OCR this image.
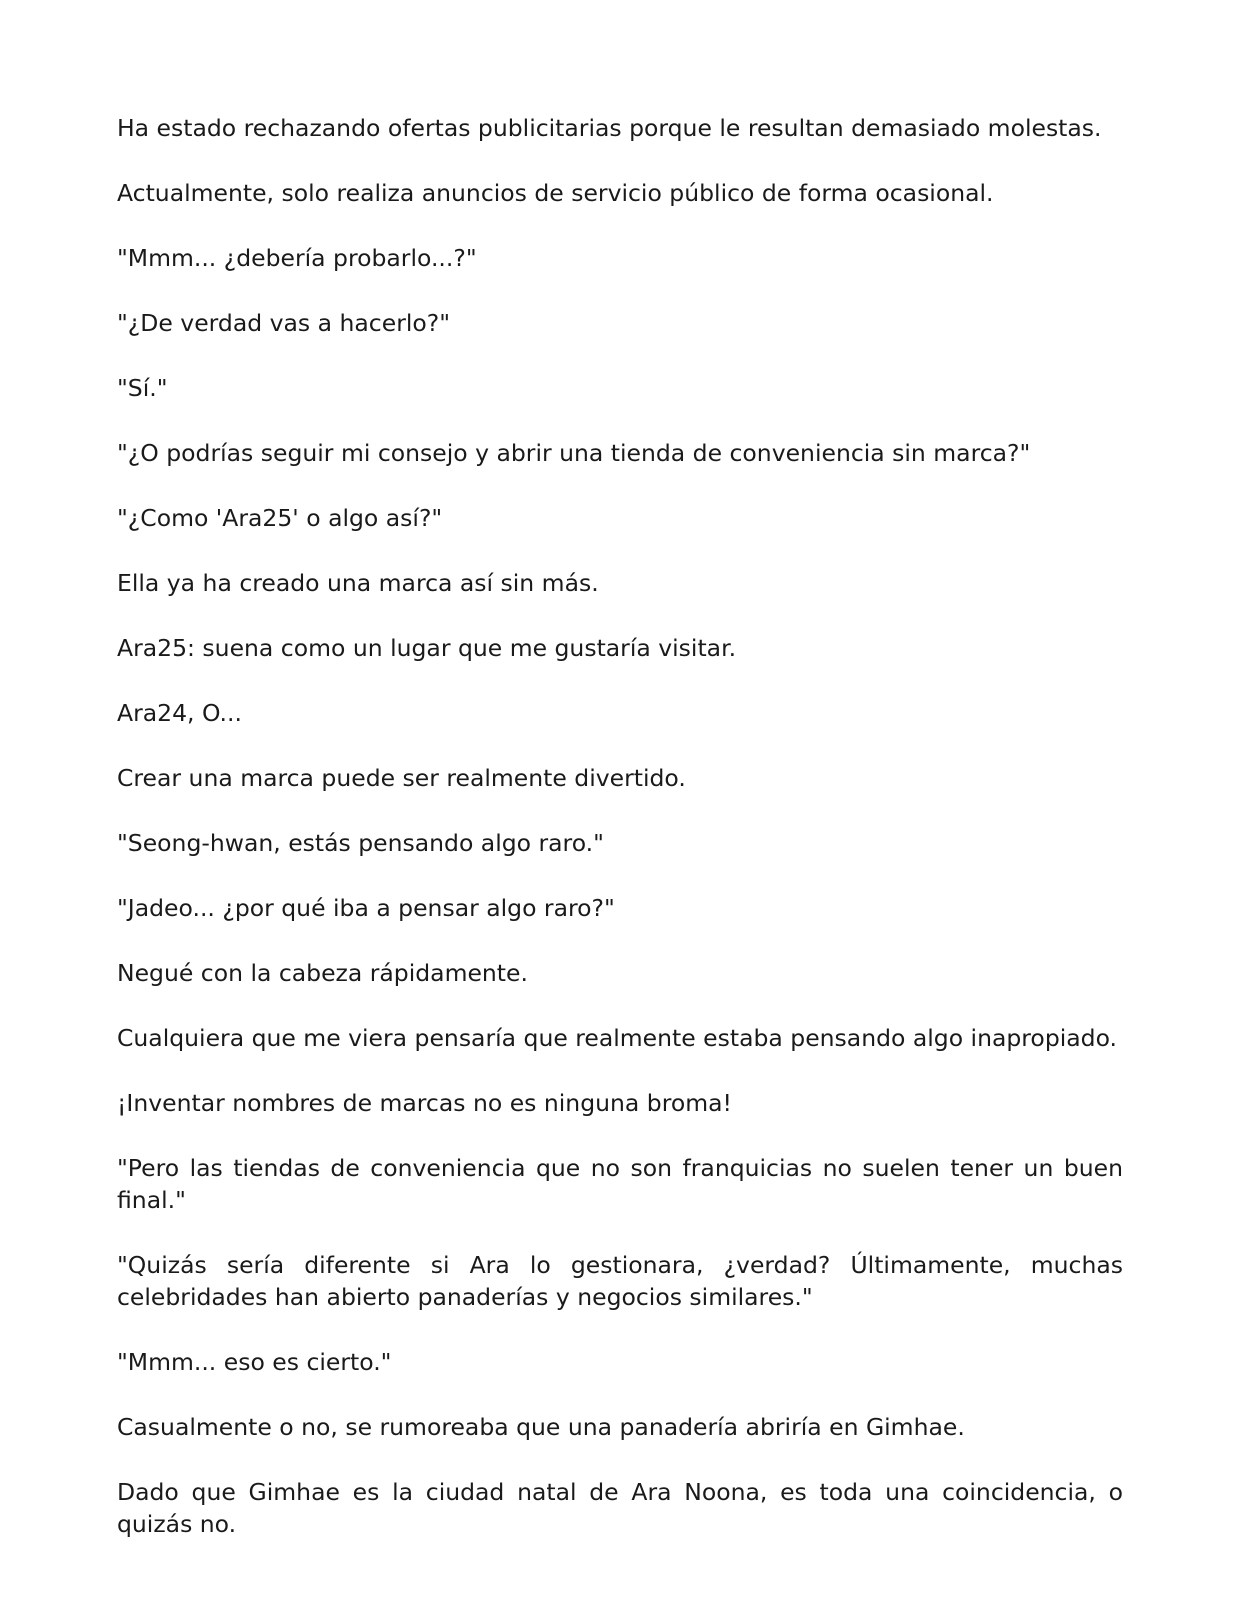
Ha estado rechazando ofertas publicitarias porque le resultan demasiado molestas.

Actualmente, solo realiza anuncios de servicio público de forma ocasional.

"Mmm... ¿debería probarlo...?"

"¿De verdad vas a hacerlo?"

"Sí."

"¿O podrías seguir mi consejo y abrir una tienda de conveniencia sin marca?"

"¿Como 'Ara25' o algo así?"

Ella ya ha creado una marca así sin más.

Ara25: suena como un lugar que me gustaría visitar.

Ara24, O...

Crear una marca puede ser realmente divertido.

"Seong-hwan, estás pensando algo raro."

"Jadeo... ¿por qué iba a pensar algo raro?"

Negué con la cabeza rápidamente.

Cualquiera que me viera pensaría que realmente estaba pensando algo inapropiado.

¡Inventar nombres de marcas no es ninguna broma!

"Pero las tiendas de conveniencia que no son franquicias no suelen tener un buen final."

"Quizás sería diferente si Ara lo gestionara, ¿verdad? Últimamente, muchas celebridades han abierto panaderías y negocios similares."

"Mmm... eso es cierto."

Casualmente o no, se rumoreaba que una panadería abriría en Gimhae.

Dado que Gimhae es la ciudad natal de Ara Noona, es toda una coincidencia, o quizás no.
